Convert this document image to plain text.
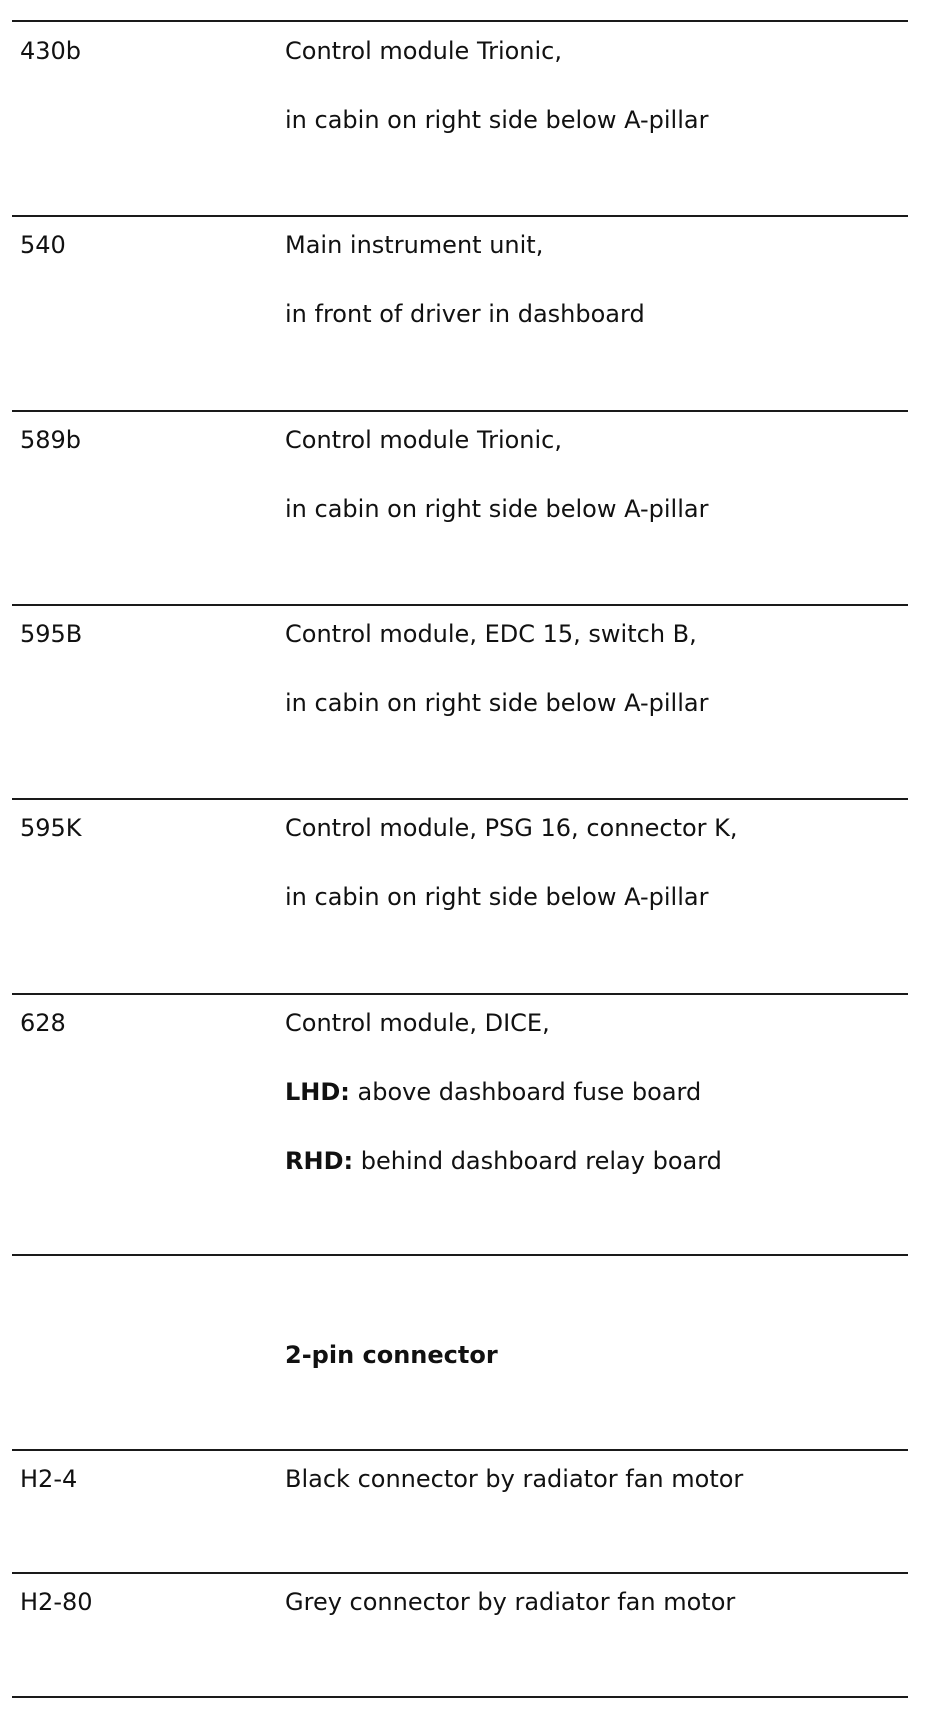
430b	Control module Trionic,
in cabin on right side below A-pillar
540	Main instrument unit,
in front of driver in dashboard
589b	Control module Trionic,
in cabin on right side below A-pillar
595B	Control module, EDC 15, switch B,
in cabin on right side below A-pillar
595K	Control module, PSG 16, connector K,
in cabin on right side below A-pillar
628	Control module, DICE,
LHD: above dashboard fuse board
RHD: behind dashboard relay board
2-pin connector
H2-4	Black connector by radiator fan motor
H2-80	Grey connector by radiator fan motor
